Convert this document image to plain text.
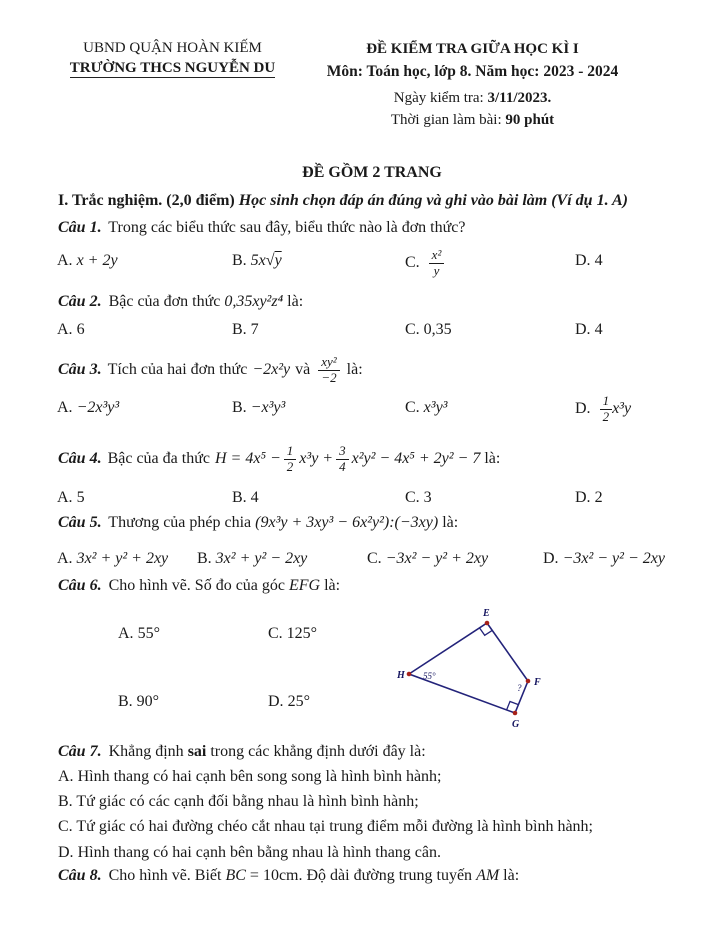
UBND QUẬN HOÀN KIẾM
TRƯỜNG THCS NGUYỄN DU
ĐỀ KIỂM TRA GIỮA HỌC KÌ I
Môn: Toán học, lớp 8. Năm học: 2023 - 2024
Ngày kiểm tra: 3/11/2023.
Thời gian làm bài: 90 phút
ĐỀ GỒM 2 TRANG
I. Trắc nghiệm. (2,0 điểm) Học sinh chọn đáp án đúng và ghi vào bài làm (Ví dụ 1. A)
Câu 1. Trong các biểu thức sau đây, biểu thức nào là đơn thức?
A. x + 2y	B. 5x√y	C. $\frac{\text{x²}}{y}$	D. 4
Câu 2. Bậc của đơn thức 0,35xy²z⁴ là:
A. 6	B. 7	C. 0,35	D. 4
Câu 3. Tích của hai đơn thức −2x²y và $\frac{\text{xy²}}{-2}$ là:
A. −2x³y³	B. −x³y³	C. x³y³	D. $\frac{1}{2} x^3y$
Câu 4. Bậc của đa thức $H = 4x^5 - \frac{1}{2} x^3y + \frac{3}{4} x^2y^2 - 4x^5 + 2y^2 - 7$ là:
A. 5	B. 4	C. 3	D. 2
Câu 5. Thương của phép chia (9x³y + 3xy³ − 6x²y²):(−3xy) là:
A. 3x² + y² + 2xy B. 3x² + y² − 2xy	C. −3x² − y² + 2xy	D. −3x² − y² − 2xy
Câu 6. Cho hình vẽ. Số đo của góc EFG là:
A. 55°	C. 125°
B. 90°	D. 25°
E
H
F
G
55°
?
Câu 7. Khẳng định sai trong các khẳng định dưới đây là:
A. Hình thang có hai cạnh bên song song là hình bình hành;
B. Tứ giác có các cạnh đối bằng nhau là hình bình hành;
C. Tứ giác có hai đường chéo cắt nhau tại trung điểm mỗi đường là hình bình hành;
D. Hình thang có hai cạnh bên bằng nhau là hình thang cân.
Câu 8. Cho hình vẽ. Biết BC = 10cm. Độ dài đường trung tuyến AM là:
